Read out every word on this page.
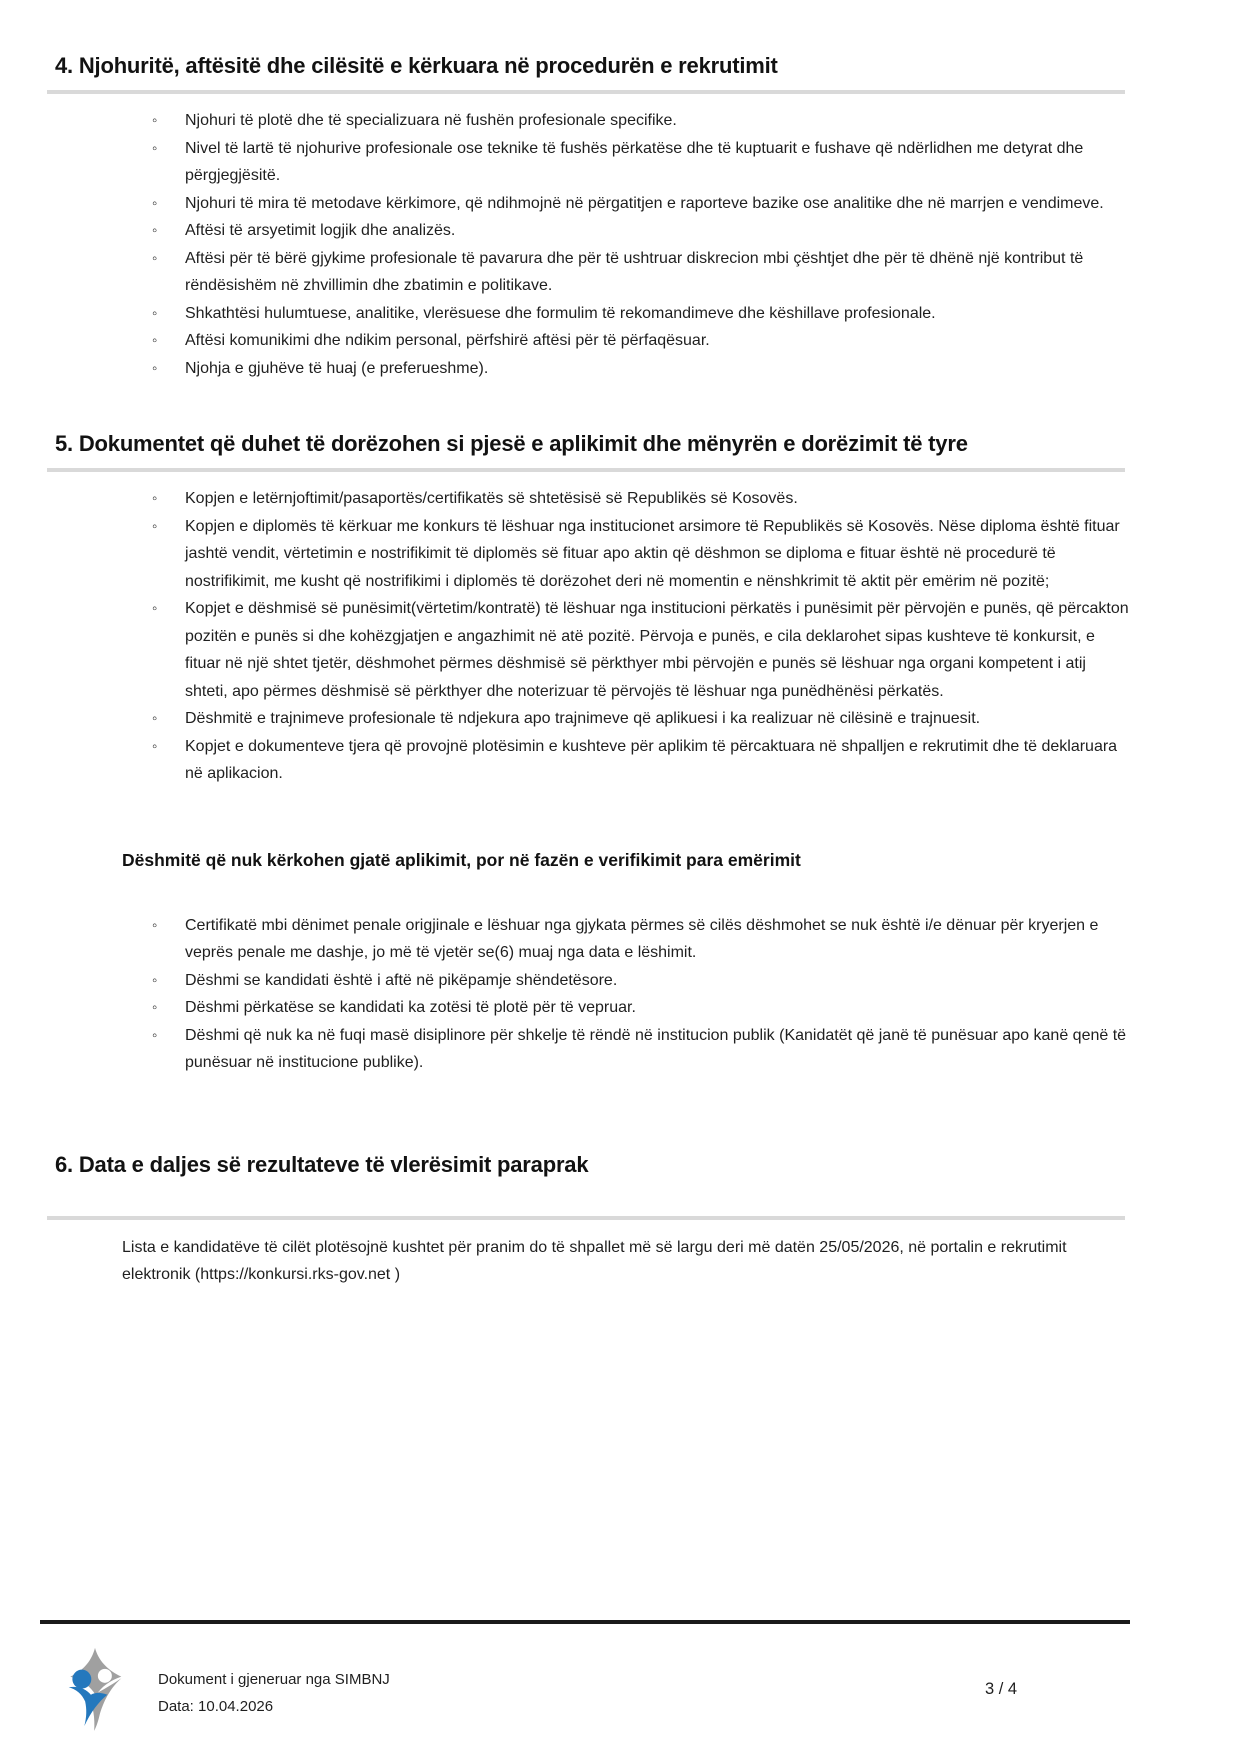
4. Njohuritë, aftësitë dhe cilësitë e kërkuara në procedurën e rekrutimit
◦ Njohuri të plotë dhe të specializuara në fushën profesionale specifike.
◦ Nivel të lartë të njohurive profesionale ose teknike të fushës përkatëse dhe të kuptuarit e fushave që ndërlidhen me detyrat dhe përgjegjësitë.
◦ Njohuri të mira të metodave kërkimore, që ndihmojnë në përgatitjen e raporteve bazike ose analitike dhe në marrjen e vendimeve.
◦ Aftësi të arsyetimit logjik dhe analizës.
◦ Aftësi për të bërë gjykime profesionale të pavarura dhe për të ushtruar diskrecion mbi çështjet dhe për të dhënë një kontribut të rëndësishëm në zhvillimin dhe zbatimin e politikave.
◦ Shkathtësi hulumtuese, analitike, vlerësuese dhe formulim të rekomandimeve dhe këshillave profesionale.
◦ Aftësi komunikimi dhe ndikim personal, përfshirë aftësi për të përfaqësuar.
◦ Njohja e gjuhëve të huaj (e preferueshme).
5. Dokumentet që duhet të dorëzohen si pjesë e aplikimit dhe mënyrën e dorëzimit të tyre
◦ Kopjen e letërnjoftimit/pasaportës/certifikatës së shtetësisë së Republikës së Kosovës.
◦ Kopjen e diplomës të kërkuar me konkurs të lëshuar nga institucionet arsimore të Republikës së Kosovës. Nëse diploma është fituar jashtë vendit, vërtetimin e nostrifikimit të diplomës së fituar apo aktin që dëshmon se diploma e fituar është në procedurë të nostrifikimit, me kusht që nostrifikimi i diplomës të dorëzohet deri në momentin e nënshkrimit të aktit për emërim në pozitë;
◦ Kopjet e dëshmisë së punësimit(vërtetim/kontratë) të lëshuar nga institucioni përkatës i punësimit për përvojën e punës, që përcakton pozitën e punës si dhe kohëzgjatjen e angazhimit në atë pozitë. Përvoja e punës, e cila deklarohet sipas kushteve të konkursit, e fituar në një shtet tjetër, dëshmohet përmes dëshmisë së përkthyer mbi përvojën e punës së lëshuar nga organi kompetent i atij shteti, apo përmes dëshmisë së përkthyer dhe noterizuar të përvojës të lëshuar nga punëdhënësi përkatës.
◦ Dëshmitë e trajnimeve profesionale të ndjekura apo trajnimeve që aplikuesi i ka realizuar në cilësinë e trajnuesit.
◦ Kopjet e dokumenteve tjera që provojnë plotësimin e kushteve për aplikim të përcaktuara në shpalljen e rekrutimit dhe të deklaruara në aplikacion.
Dëshmitë që nuk kërkohen gjatë aplikimit, por në fazën e verifikimit para emërimit
◦ Certifikatë mbi dënimet penale origjinale e lëshuar nga gjykata përmes së cilës dëshmohet se nuk është i/e dënuar për kryerjen e veprës penale me dashje, jo më të vjetër se(6) muaj nga data e lëshimit.
◦ Dëshmi se kandidati është i aftë në pikëpamje shëndetësore.
◦ Dëshmi përkatëse se kandidati ka zotësi të plotë për të vepruar.
◦ Dëshmi që nuk ka në fuqi masë disiplinore për shkelje të rëndë në institucion publik (Kanidatët që janë të punësuar apo kanë qenë të punësuar në institucione publike).
6. Data e daljes së rezultateve të vlerësimit paraprak

Lista e kandidatëve të cilët plotësojnë kushtet për pranim do të shpallet më së largu deri më datën 25/05/2026, në portalin e rekrutimit elektronik (https://konkursi.rks-gov.net )

Dokument i gjeneruar nga SIMBNJ
Data: 10.04.2026
3 / 4
